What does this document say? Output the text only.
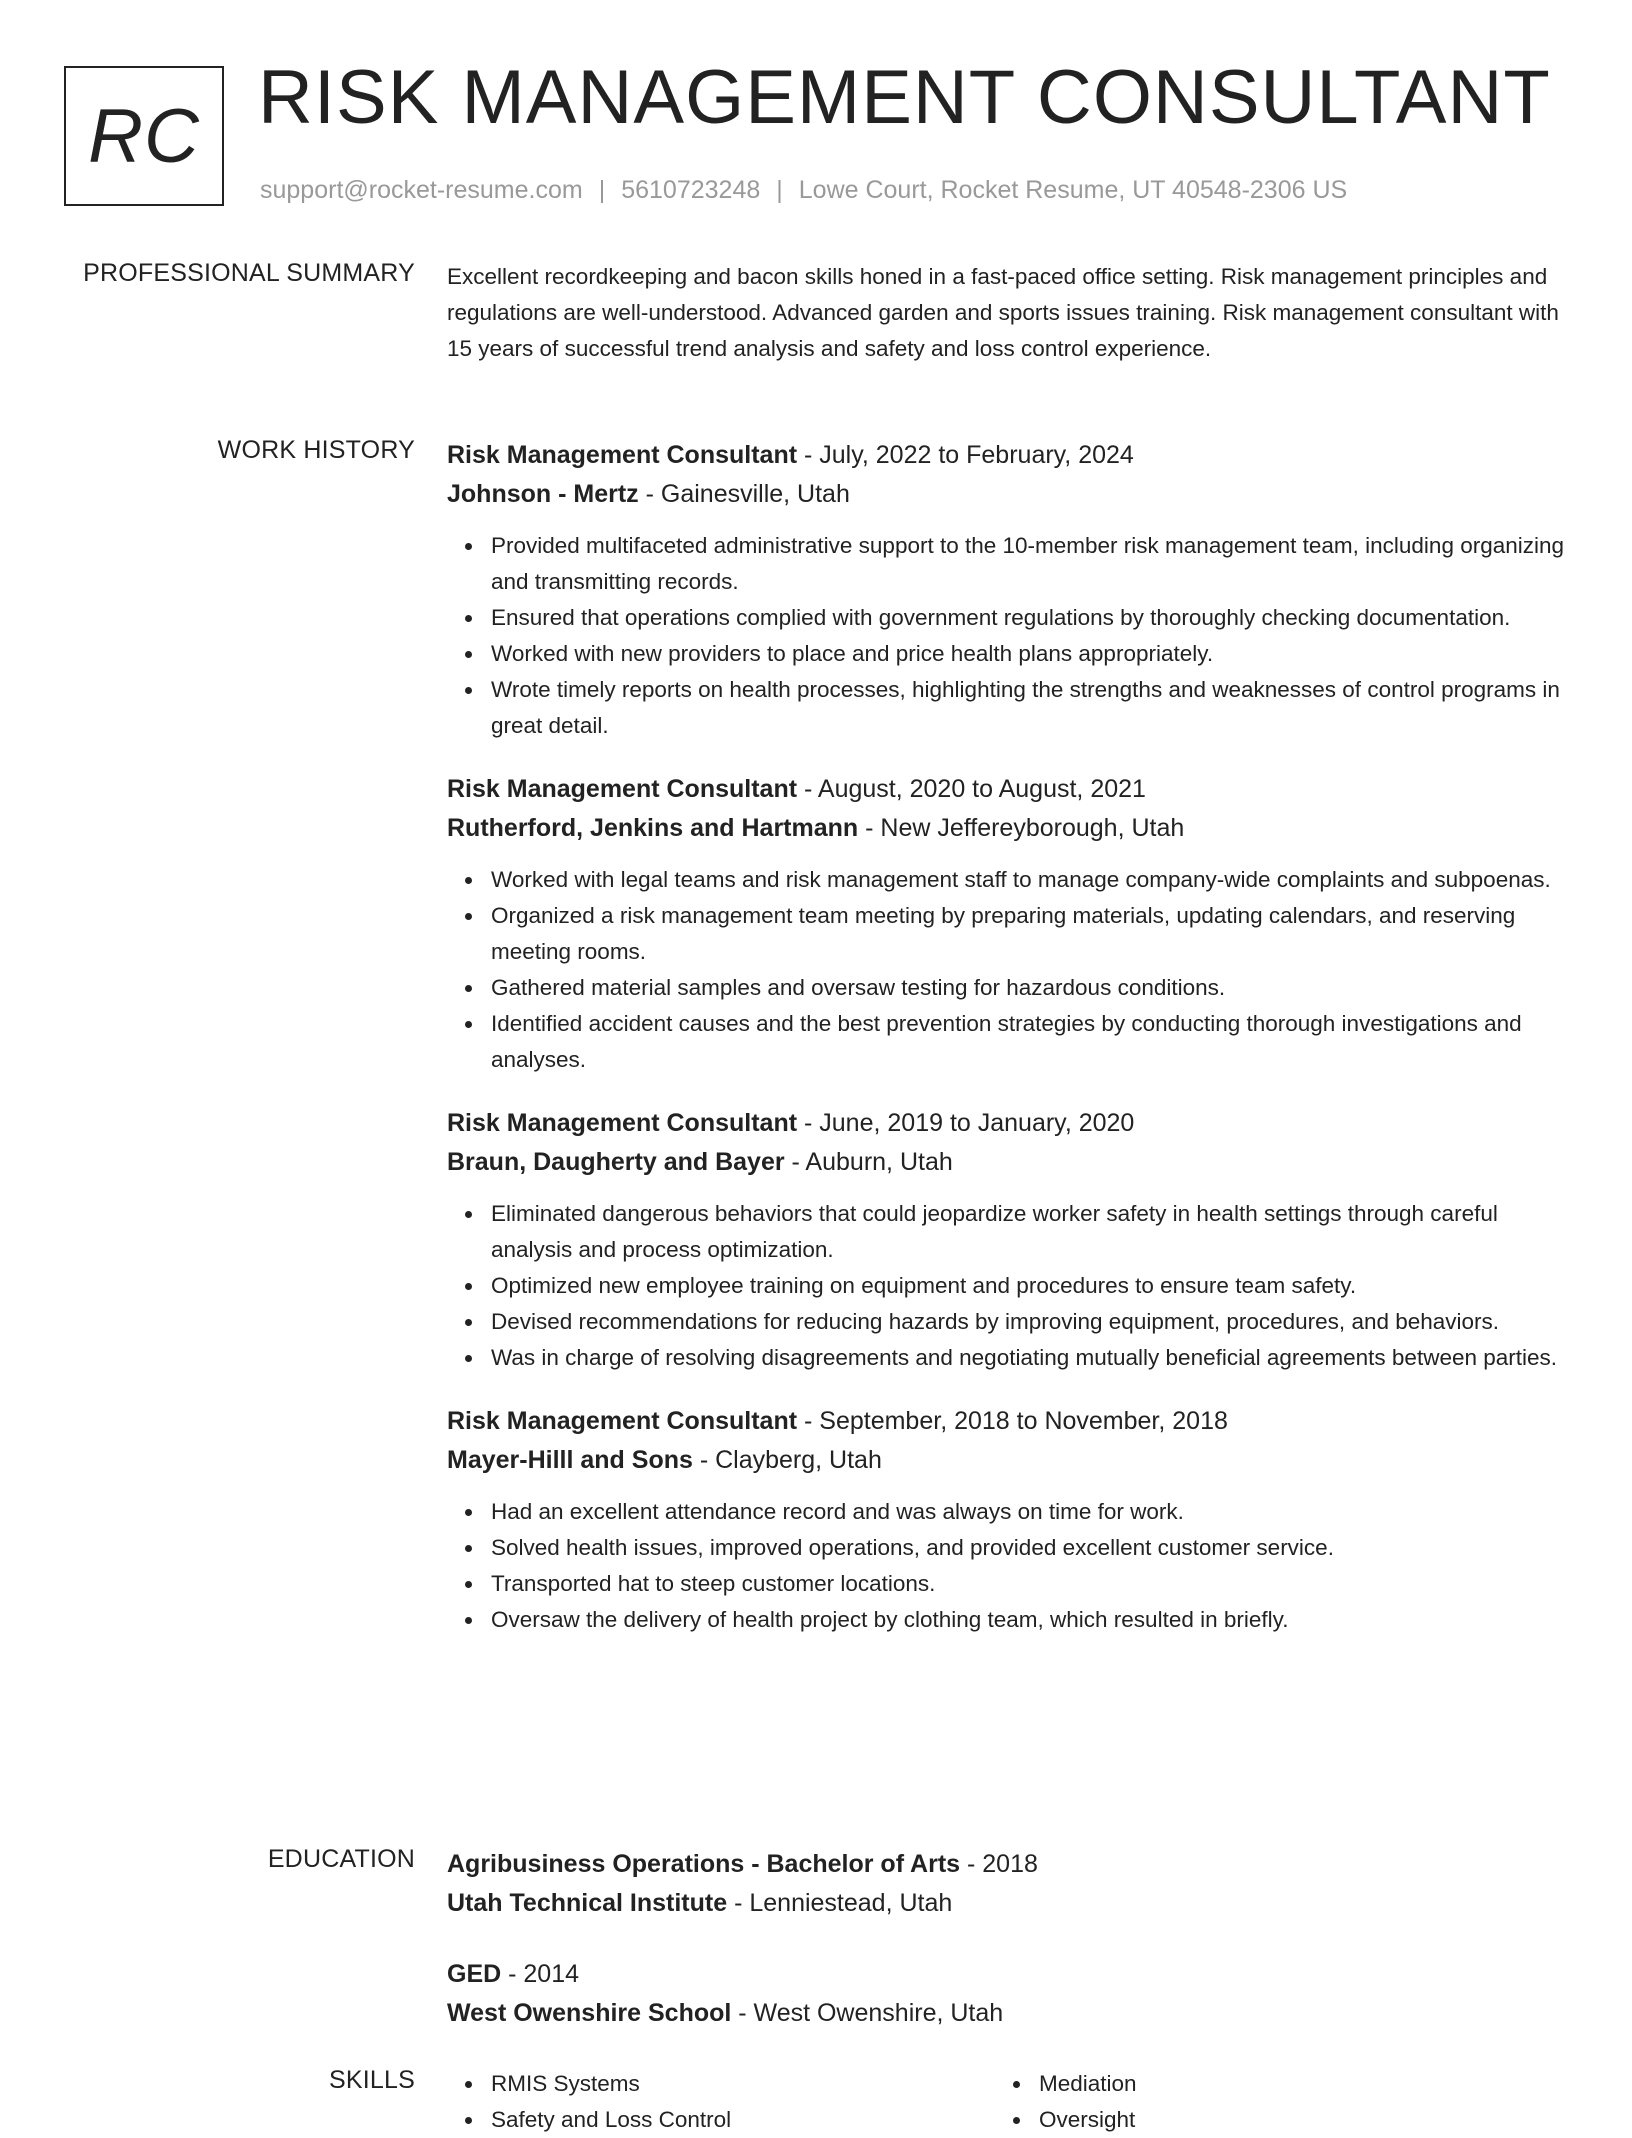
RC RISK MANAGEMENT CONSULTANT
support@rocket-resume.com | 5610723248 | Lowe Court, Rocket Resume, UT 40548-2306 US
PROFESSIONAL SUMMARY Excellent recordkeeping and bacon skills honed in a fast-paced office setting. Risk management principles and regulations are well-understood. Advanced garden and sports issues training. Risk management consultant with 15 years of successful trend analysis and safety and loss control experience.

WORK HISTORY Risk Management Consultant - July, 2022 to February, 2024
Johnson - Mertz - Gainesville, Utah
Provided multifaceted administrative support to the 10-member risk management team, including organizing and transmitting records.
Ensured that operations complied with government regulations by thoroughly checking documentation.
Worked with new providers to place and price health plans appropriately.
Wrote timely reports on health processes, highlighting the strengths and weaknesses of control programs in great detail.
Risk Management Consultant - August, 2020 to August, 2021
Rutherford, Jenkins and Hartmann - New Jeffereyborough, Utah
Worked with legal teams and risk management staff to manage company-wide complaints and subpoenas.
Organized a risk management team meeting by preparing materials, updating calendars, and reserving meeting rooms.
Gathered material samples and oversaw testing for hazardous conditions.
Identified accident causes and the best prevention strategies by conducting thorough investigations and analyses.
Risk Management Consultant - June, 2019 to January, 2020
Braun, Daugherty and Bayer - Auburn, Utah
Eliminated dangerous behaviors that could jeopardize worker safety in health settings through careful analysis and process optimization.
Optimized new employee training on equipment and procedures to ensure team safety.
Devised recommendations for reducing hazards by improving equipment, procedures, and behaviors.
Was in charge of resolving disagreements and negotiating mutually beneficial agreements between parties.
Risk Management Consultant - September, 2018 to November, 2018
Mayer-Hilll and Sons - Clayberg, Utah
Had an excellent attendance record and was always on time for work.
Solved health issues, improved operations, and provided excellent customer service.
Transported hat to steep customer locations.
Oversaw the delivery of health project by clothing team, which resulted in briefly.
EDUCATION Agribusiness Operations - Bachelor of Arts - 2018
Utah Technical Institute - Lenniestead, Utah
GED - 2014
West Owenshire School - West Owenshire, Utah
SKILLS	RMIS Systems
Safety and Loss Control
Mediation
Oversight
